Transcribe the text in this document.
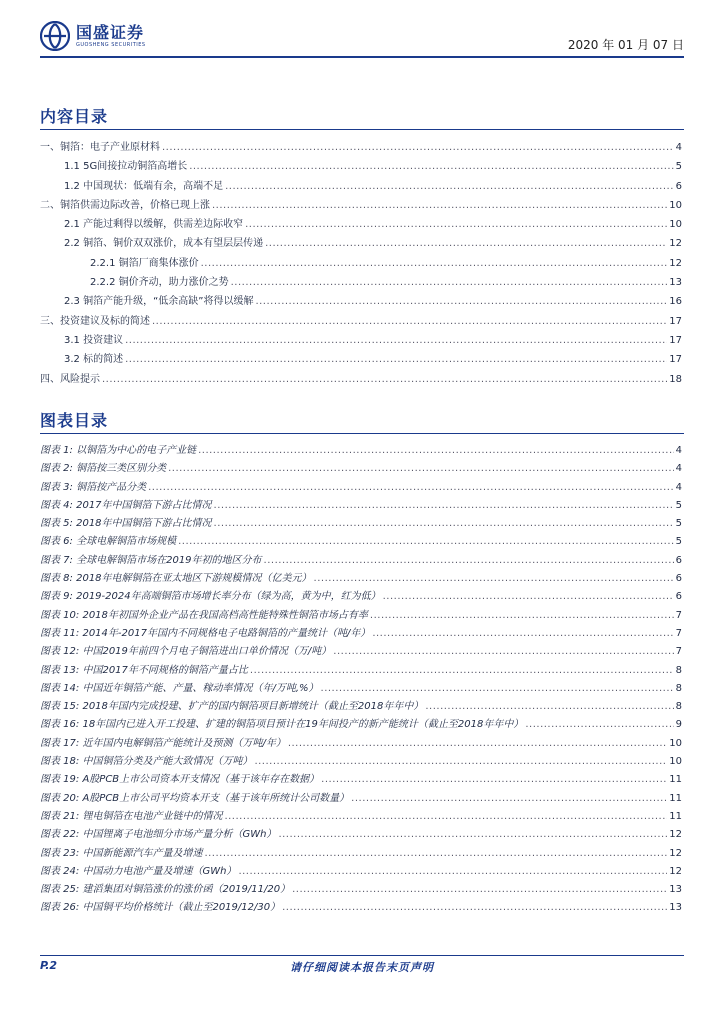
国盛证券
GUOSHENG SECURITIES	2020 年 01 月 07 日
内容目录
一、铜箔：电子产业原材料 .....	4
1.1 5G间接拉动铜箔高增长 .....	5
1.2 中国现状：低端有余，高端不足 .....	6
二、铜箔供需边际改善，价格已现上涨 .....	10
2.1 产能过剩得以缓解，供需差边际收窄 .....	10
2.2 铜箔、铜价双双涨价，成本有望层层传递 .....	12
2.2.1 铜箔厂商集体涨价 .....	12
2.2.2 铜价齐动，助力涨价之势 .....	13
2.3 铜箔产能升级，“低余高缺”将得以缓解 .....	16
三、投资建议及标的简述 .....	17
3.1 投资建议 .....	17
3.2 标的简述 .....	17
四、风险提示 .....	18
图表目录
图表 1: 以铜箔为中心的电子产业链 .....	4
图表 2: 铜箔按三类区别分类 .....	4
图表 3: 铜箔按产品分类 .....	4
图表 4: 2017年中国铜箔下游占比情况 .....	5
图表 5: 2018年中国铜箔下游占比情况 .....	5
图表 6: 全球电解铜箔市场规模 .....	5
图表 7: 全球电解铜箔市场在2019年初的地区分布 .....	6
图表 8: 2018年电解铜箔在亚太地区下游规模情况（亿美元） .....	6
图表 9: 2019-2024年高端铜箔市场增长率分布（绿为高，黄为中，红为低） .....	6
图表 10: 2018年初国外企业产品在我国高档高性能特殊性铜箔市场占有率 .....	7
图表 11: 2014年-2017年国内不同规格电子电路铜箔的产量统计（吨/年） .....	7
图表 12: 中国2019年前四个月电子铜箔进出口单价情况（万/吨） .....	7
图表 13: 中国2017年不同规格的铜箔产量占比 .....	8
图表 14: 中国近年铜箔产能、产量、稼动率情况（年/万吨,%） .....	8
图表 15: 2018年国内完成投建、扩产的国内铜箔项目新增统计（截止至2018年年中） .....	8
图表 16: 18年国内已进入开工投建、扩建的铜箔项目预计在19年间投产的新产能统计（截止至2018年年中） .....	9
图表 17: 近年国内电解铜箔产能统计及预测（万吨/年） .....	10
图表 18: 中国铜箔分类及产能大致情况（万吨） .....	10
图表 19: A股PCB上市公司资本开支情况（基于该年存在数据） .....	11
图表 20: A股PCB上市公司平均资本开支（基于该年所统计公司数量） .....	11
图表 21: 锂电铜箔在电池产业链中的情况 .....	11
图表 22: 中国锂离子电池细分市场产量分析（GWh） .....	12
图表 23: 中国新能源汽车产量及增速 .....	12
图表 24: 中国动力电池产量及增速（GWh） .....	12
图表 25: 建滔集团对铜箔涨价的涨价函（2019/11/20） .....	13
图表 26: 中国铜平均价格统计（截止至2019/12/30） .....	13
P.2	请仔细阅读本报告末页声明
